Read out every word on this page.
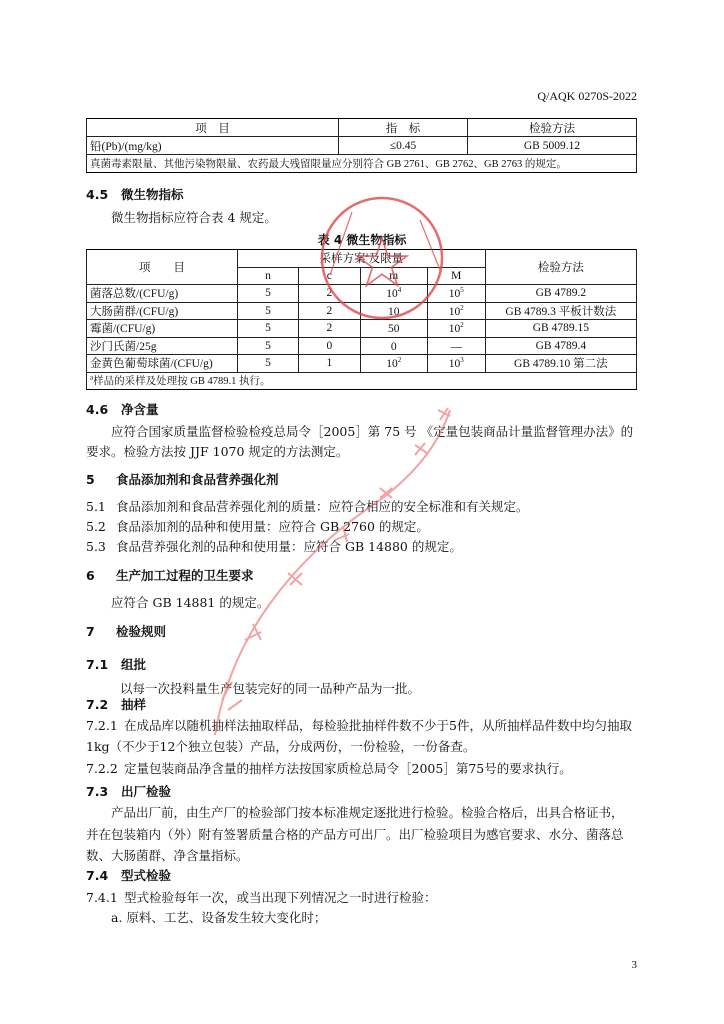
Q/AQK 0270S-2022
项　目	指　标	检验方法
铅(Pb)/(mg/kg)	≤0.45	GB 5009.12
真菌毒素限量、其他污染物限量、农药最大残留限量应分别符合 GB 2761、GB 2762、GB 2763 的规定。		
4.5 微生物指标
微生物指标应符合表 4 规定。
表 4 微生物指标
项　　目	采样方案$^a$及限量				检验方法
	n	c	m	M	
菌落总数/(CFU/g)	5	2	$10^4$	$10^5$	GB 4789.2
大肠菌群/(CFU/g)	5	2	10	$10^2$	GB 4789.3 平板计数法
霉菌/(CFU/g)	5	2	50	$10^2$	GB 4789.15
沙门氏菌/25g	5	0	0	—	GB 4789.4
金黄色葡萄球菌/(CFU/g)	5	1	$10^2$	$10^3$	GB 4789.10 第二法
$^a$样品的采样及处理按 GB 4789.1 执行。					
4.6 净含量
应符合国家质量监督检验检疫总局令［2005］第 75 号 《定量包装商品计量监督管理办法》的
要求。检验方法按 JJF 1070 规定的方法测定。
5 食品添加剂和食品营养强化剂
5.1 食品添加剂和食品营养强化剂的质量：应符合相应的安全标准和有关规定。
5.2 食品添加剂的品种和使用量：应符合 GB 2760 的规定。
5.3 食品营养强化剂的品种和使用量：应符合 GB 14880 的规定。
6 生产加工过程的卫生要求
应符合 GB 14881 的规定。
7 检验规则
7.1 组批
以每一次投料量生产包装完好的同一品种产品为一批。
7.2 抽样
7.2.1 在成品库以随机抽样法抽取样品，每检验批抽样件数不少于5件，从所抽样品件数中均匀抽取
1kg（不少于12个独立包装）产品，分成两份，一份检验，一份备查。
7.2.2 定量包装商品净含量的抽样方法按国家质检总局令［2005］第75号的要求执行。
7.3 出厂检验
产品出厂前，由生产厂的检验部门按本标准规定逐批进行检验。检验合格后，出具合格证书，
并在包装箱内（外）附有签署质量合格的产品方可出厂。出厂检验项目为感官要求、水分、菌落总
数、大肠菌群、净含量指标。
7.4 型式检验
7.4.1 型式检验每年一次，或当出现下列情况之一时进行检验：
a. 原料、工艺、设备发生较大变化时；
3
